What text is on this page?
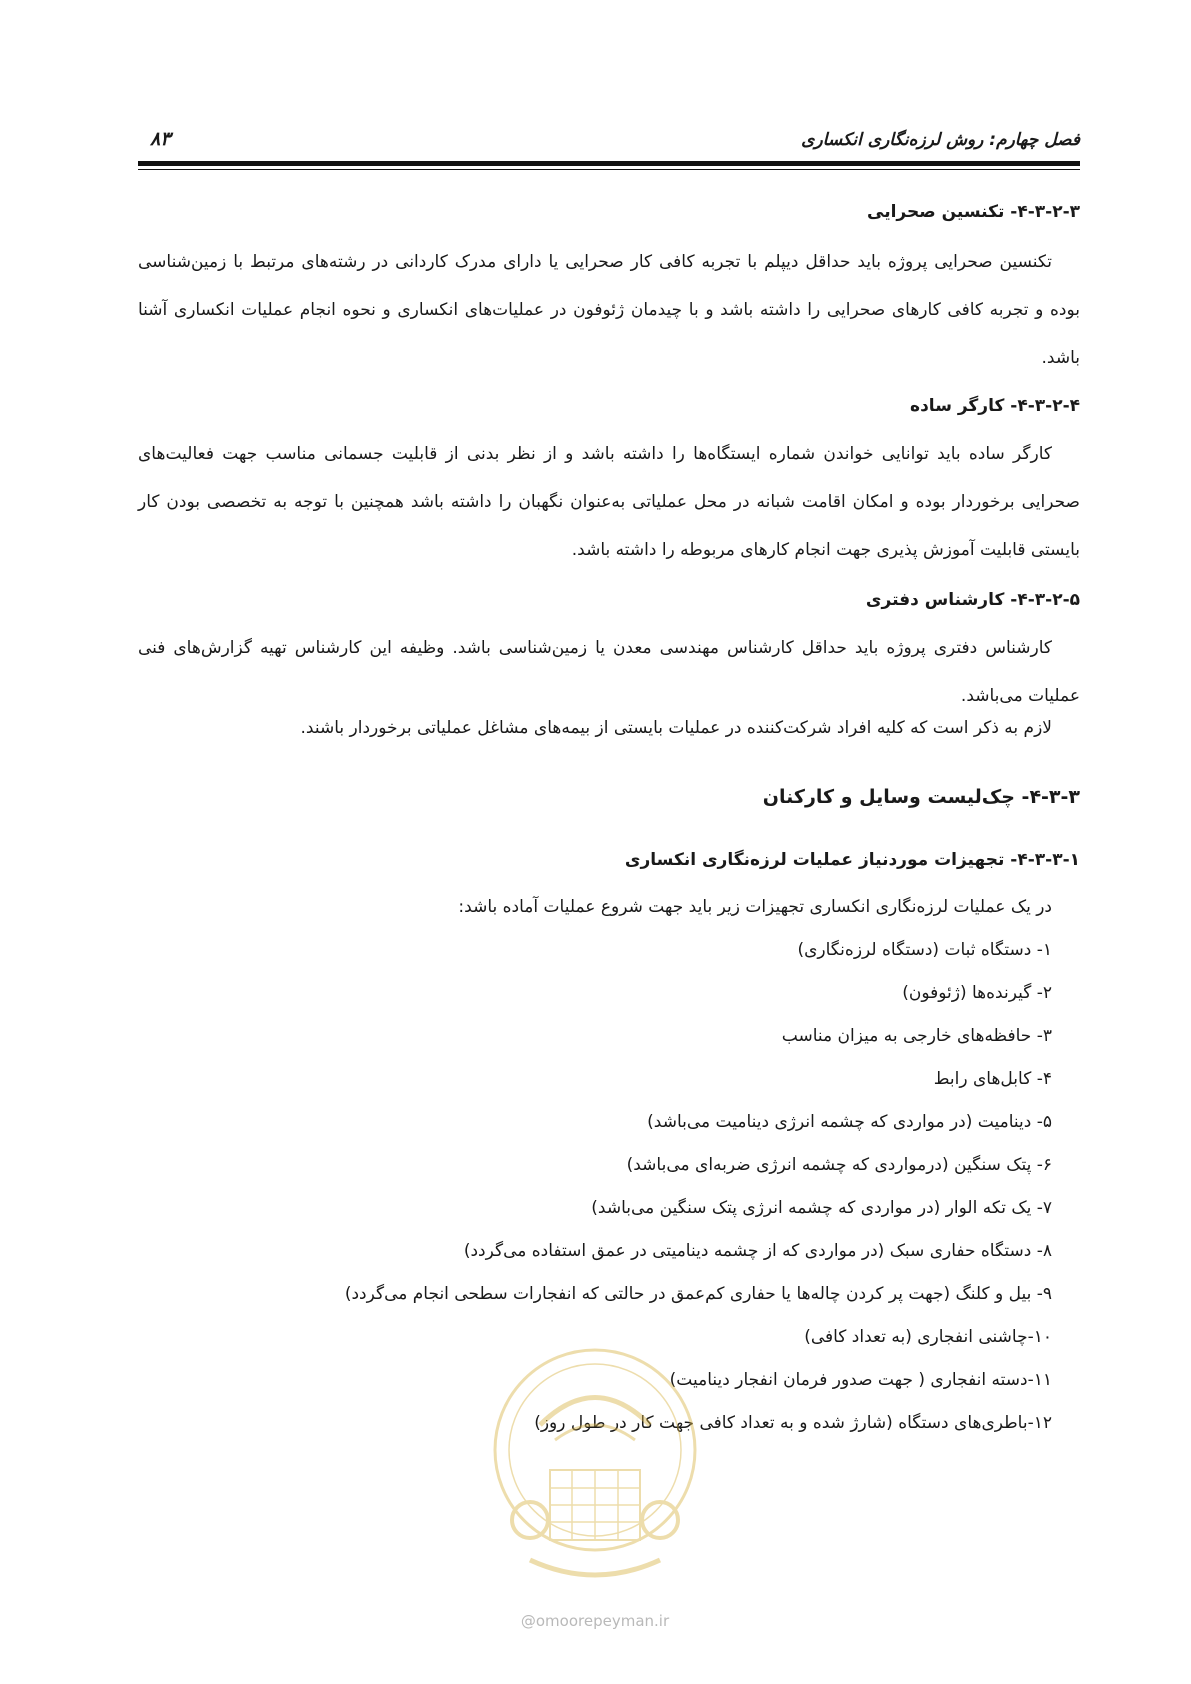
فصل چهارم: روش لرزه‌نگاری انکساری
۸۳
۴-۳-۲-۳- تکنسین صحرایی
تکنسین صحرایی پروژه باید حداقل دیپلم با تجربه کافی کار صحرایی یا دارای مدرک کاردانی در رشته‌های مرتبط با زمین‌شناسی بوده و تجربه کافی کارهای صحرایی را داشته باشد و با چیدمان ژئوفون در عملیات‌های انکساری و نحوه انجام عملیات انکساری آشنا باشد.
۴-۳-۲-۴- کارگر ساده
کارگر ساده باید توانایی خواندن شماره ایستگاه‌ها را داشته باشد و از نظر بدنی از قابلیت جسمانی مناسب جهت فعالیت‌های صحرایی برخوردار بوده و امکان اقامت شبانه در محل عملیاتی به‌عنوان نگهبان را داشته باشد همچنین با توجه به تخصصی بودن کار بایستی قابلیت آموزش پذیری جهت انجام کارهای مربوطه را داشته باشد.
۴-۳-۲-۵- کارشناس دفتری
کارشناس دفتری پروژه باید حداقل کارشناس مهندسی معدن یا زمین‌شناسی باشد. وظیفه این کارشناس تهیه گزارش‌های فنی عملیات می‌باشد.
لازم به ذکر است که کلیه افراد شرکت‌کننده در عملیات بایستی از بیمه‌های مشاغل عملیاتی برخوردار باشند.
۴-۳-۳- چک‌لیست وسایل و کارکنان
۴-۳-۳-۱- تجهیزات موردنیاز عملیات لرزه‌نگاری انکساری
در یک عملیات لرزه‌نگاری انکساری تجهیزات زیر باید جهت شروع عملیات آماده باشد:
۱- دستگاه ثبات (دستگاه لرزه‌نگاری)
۲- گیرنده‌ها (ژئوفون)
۳- حافظه‌های خارجی به میزان مناسب
۴- کابل‌های رابط
۵- دینامیت (در مواردی که چشمه انرژی دینامیت می‌باشد)
۶- پتک سنگین (درمواردی که چشمه انرژی ضربه‌ای می‌باشد)
۷- یک تکه الوار (در مواردی که چشمه انرژی پتک سنگین می‌باشد)
۸- دستگاه حفاری سبک (در مواردی که از چشمه دینامیتی در عمق استفاده می‌گردد)
۹- بیل و کلنگ (جهت پر کردن چاله‌ها یا حفاری کم‌عمق در حالتی که انفجارات سطحی انجام می‌گردد)
۱۰-چاشنی انفجاری (به تعداد کافی)
۱۱-دسته انفجاری ( جهت صدور فرمان انفجار دینامیت)
۱۲-باطری‌های دستگاه (شارژ شده و به تعداد کافی جهت کار در طول روز)
@omoorepeyman.ir
